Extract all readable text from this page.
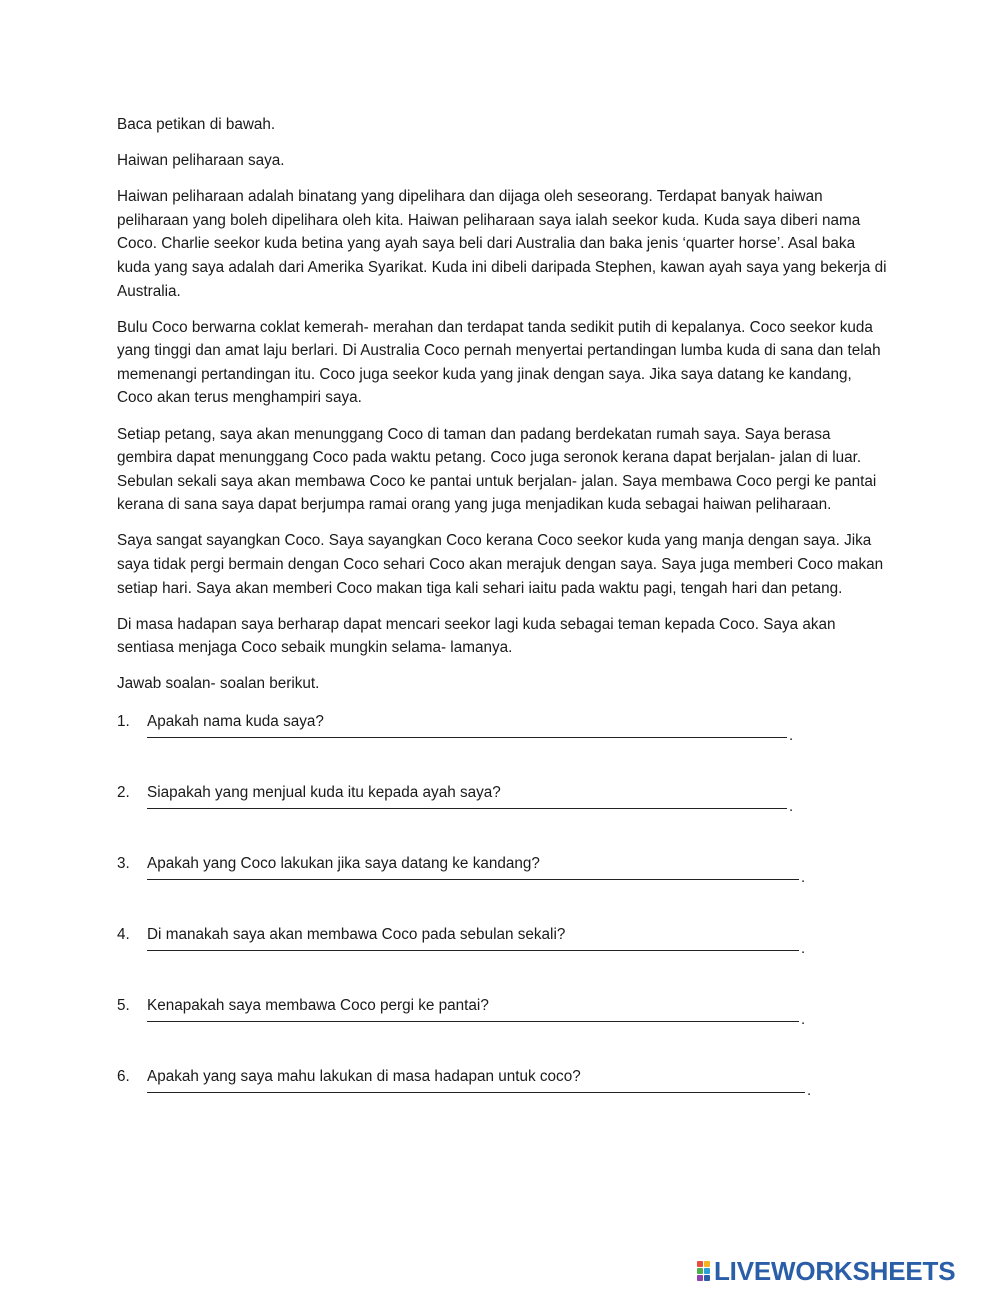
Baca petikan di bawah.

Haiwan peliharaan saya.

Haiwan peliharaan adalah binatang yang dipelihara dan dijaga oleh seseorang. Terdapat banyak haiwan peliharaan yang boleh dipelihara oleh kita. Haiwan peliharaan saya ialah seekor kuda. Kuda saya diberi nama Coco. Charlie seekor kuda betina yang ayah saya beli dari Australia dan baka jenis ‘quarter horse’. Asal baka kuda yang saya adalah dari Amerika Syarikat. Kuda ini dibeli daripada Stephen, kawan ayah saya yang bekerja di Australia.

Bulu Coco berwarna coklat kemerah- merahan dan terdapat tanda sedikit putih di kepalanya. Coco seekor kuda yang tinggi dan amat laju berlari. Di Australia Coco pernah menyertai pertandingan lumba kuda di sana dan telah memenangi pertandingan itu. Coco juga seekor kuda yang jinak dengan saya. Jika saya datang ke kandang, Coco akan terus menghampiri saya.

Setiap petang, saya akan menunggang Coco di taman dan padang berdekatan rumah saya. Saya berasa gembira dapat menunggang Coco pada waktu petang. Coco juga seronok kerana dapat berjalan- jalan di luar. Sebulan sekali saya akan membawa Coco ke pantai untuk berjalan- jalan. Saya membawa Coco pergi ke pantai kerana di sana saya dapat berjumpa ramai orang yang juga menjadikan kuda sebagai haiwan peliharaan.

Saya sangat sayangkan Coco. Saya sayangkan Coco kerana Coco seekor kuda yang manja dengan saya. Jika saya tidak pergi bermain dengan Coco sehari Coco akan merajuk dengan saya. Saya juga memberi Coco makan setiap hari. Saya akan memberi Coco makan tiga kali sehari iaitu pada waktu pagi, tengah hari dan petang.

Di masa hadapan saya berharap dapat mencari seekor lagi kuda sebagai teman kepada Coco. Saya akan sentiasa menjaga Coco sebaik mungkin selama- lamanya.

Jawab soalan- soalan berikut.

1. Apakah nama kuda saya?
.
2. Siapakah yang menjual kuda itu kepada ayah saya?
.
3. Apakah yang Coco lakukan jika saya datang ke kandang?
.
4. Di manakah saya akan membawa Coco pada sebulan sekali?
.
5. Kenapakah saya membawa Coco pergi ke pantai?
.
6. Apakah yang saya mahu lakukan di masa hadapan untuk coco?
.
LIVEWORKSHEETS
